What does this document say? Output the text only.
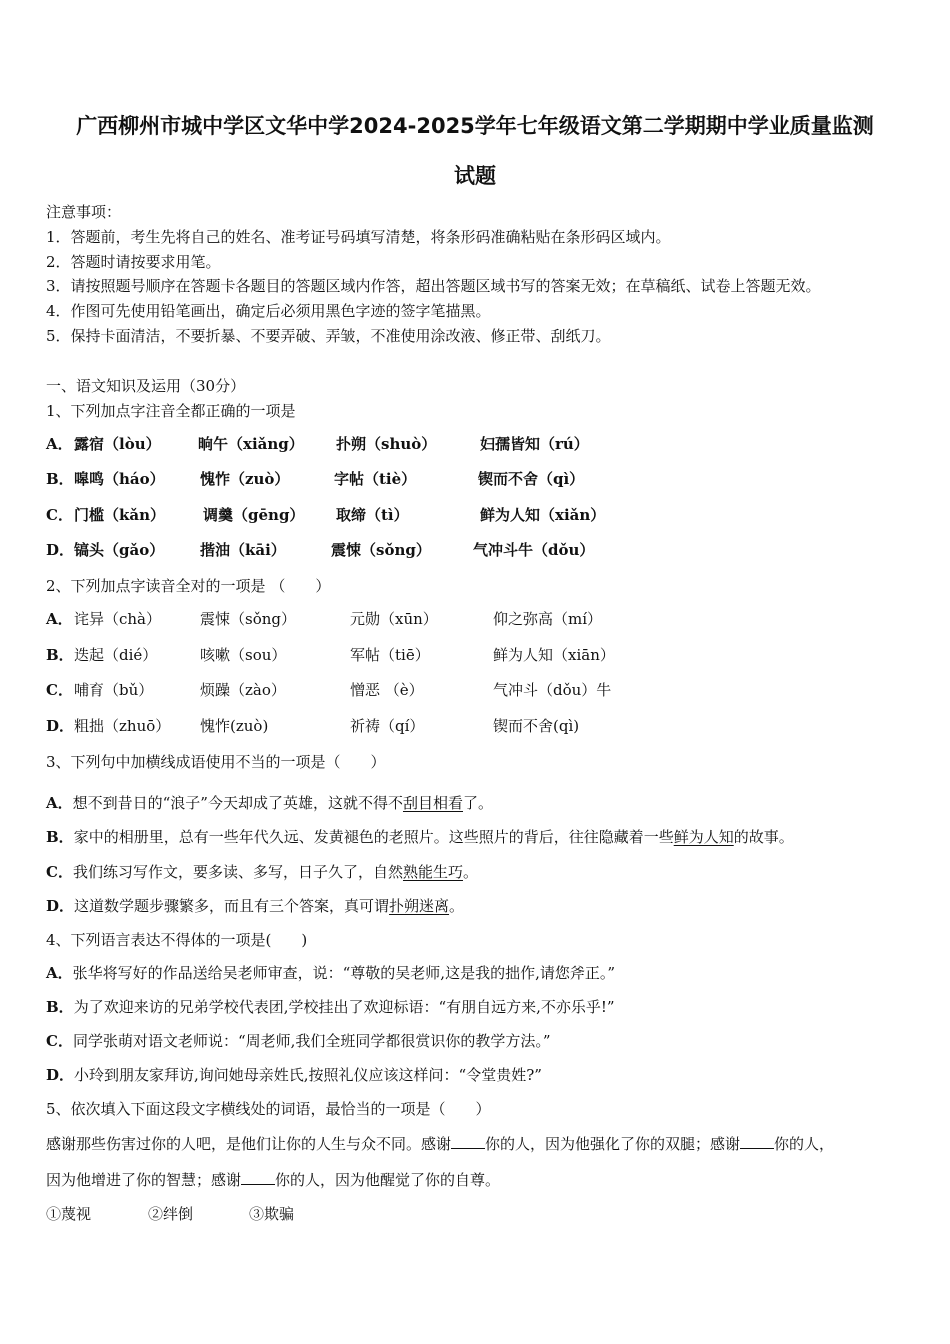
广西柳州市城中学区文华中学2024-2025学年七年级语文第二学期期中学业质量监测
试题
注意事项：
1．答题前，考生先将自己的姓名、准考证号码填写清楚，将条形码准确粘贴在条形码区域内。
2．答题时请按要求用笔。
3．请按照题号顺序在答题卡各题目的答题区域内作答，超出答题区域书写的答案无效；在草稿纸、试卷上答题无效。
4．作图可先使用铅笔画出，确定后必须用黑色字迹的签字笔描黑。
5．保持卡面清洁，不要折暴、不要弄破、弄皱，不准使用涂改液、修正带、刮纸刀。
一、语文知识及运用（30分）
1、下列加点字注音全都正确的一项是
A． 露宿（lòu） 晌午（xiǎng） 扑朔（shuò）	妇孺皆知（rú）
B． 嗥鸣（háo） 愧怍（zuò）	字帖（tiè）	锲而不舍（qì）
C． 门槛（kǎn）	调羹（gēng） 取缔（tì）	鲜为人知（xiǎn）
D． 镐头（gǎo） 揩油（kāi）	震悚（sǒng）	气冲斗牛（dǒu）
2、下列加点字读音全对的一项是 （　　）
A． 诧异（chà）	震悚（sǒng）	元勋（xūn）	仰之弥高（mí）
B． 迭起（dié）	咳嗽（sou）	军帖（tiē）	鲜为人知（xiān）
C． 哺育（bǔ）	烦躁（zào）	憎恶 （è）	气冲斗（dǒu）牛
D． 粗拙（zhuō） 愧怍(zuò)	祈祷（qí）	锲而不舍(qì)
3、下列句中加横线成语使用不当的一项是（　　）
A．想不到昔日的“浪子”今天却成了英雄，这就不得不刮目相看了。
B．家中的相册里，总有一些年代久远、发黄褪色的老照片。这些照片的背后，往往隐藏着一些鲜为人知的故事。
C．我们练习写作文，要多读、多写，日子久了，自然熟能生巧。
D．这道数学题步骤繁多，而且有三个答案，真可谓扑朔迷离。
4、下列语言表达不得体的一项是(　　)
A．张华将写好的作品送给吴老师审查，说：“尊敬的吴老师,这是我的拙作,请您斧正。”
B．为了欢迎来访的兄弟学校代表团,学校挂出了欢迎标语：“有朋自远方来,不亦乐乎!”
C．同学张萌对语文老师说：“周老师,我们全班同学都很赏识你的教学方法。”
D．小玲到朋友家拜访,询问她母亲姓氏,按照礼仪应该这样问：“令堂贵姓?”
5、依次填入下面这段文字横线处的词语，最恰当的一项是（　　）
感谢那些伤害过你的人吧，是他们让你的人生与众不同。感谢 你的人，因为他强化了你的双腿；感谢 你的人，
因为他增进了你的智慧；感谢 你的人，因为他醒觉了你的自尊。
①蔑视	②绊倒	③欺骗
